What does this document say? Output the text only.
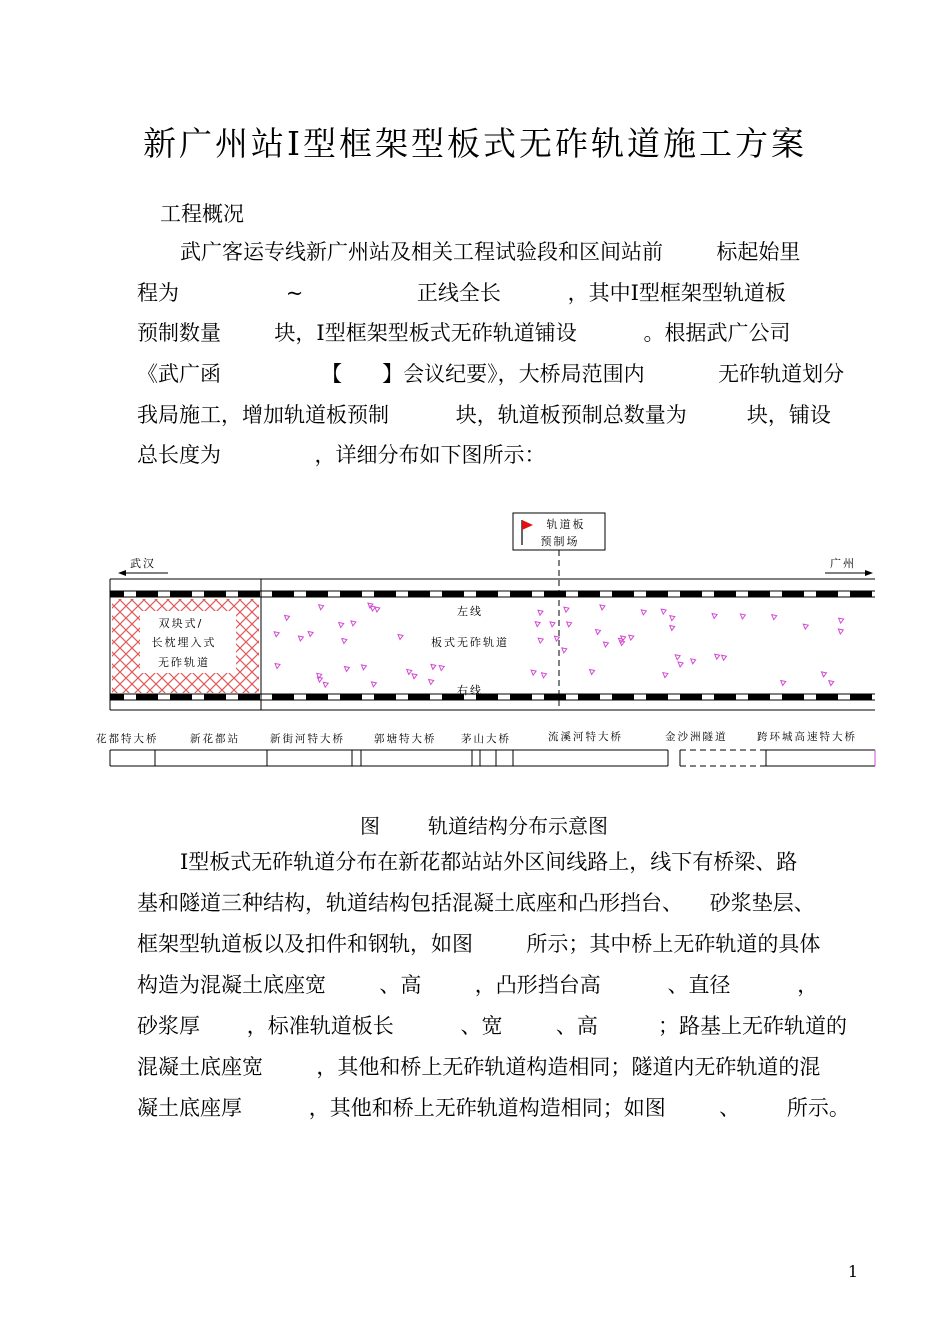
新广州站Ⅰ型框架型板式无砟轨道施工方案
工程概况
武广客运专线新广州站及相关工程试验段和区间站前        标起始里
程为                ~                 正线全长          ，其中Ⅰ型框架型轨道板
预制数量        块，Ⅰ型框架型板式无砟轨道铺设          。根据武广公司
《武广函               【      】会议纪要》，大桥局范围内           无砟轨道划分
我局施工，增加轨道板预制          块，轨道板预制总数量为         块，铺设
总长度为              ，详细分布如下图所示：
轨道板
预制场
武汉	广州
双块式/
长枕埋入式
无砟轨道
左线
板式无砟轨道
右线
花都特大桥	新花都站	新街河特大桥	郭塘特大桥 茅山大桥	流溪河特大桥	金沙洲隧道	跨环城高速特大桥
图 轨道结构分布示意图
Ⅰ型板式无砟轨道分布在新花都站站外区间线路上，线下有桥梁、路
基和隧道三种结构，轨道结构包括混凝土底座和凸形挡台、    砂浆垫层、
框架型轨道板以及扣件和钢轨，如图        所示；其中桥上无砟轨道的具体
构造为混凝土底座宽        、高        ，凸形挡台高          、直径          ，
砂浆厚       ，标准轨道板长          、宽        、高         ；路基上无砟轨道的
混凝土底座宽        ，其他和桥上无砟轨道构造相同；隧道内无砟轨道的混
凝土底座厚          ，其他和桥上无砟轨道构造相同；如图        、       所示。
1
